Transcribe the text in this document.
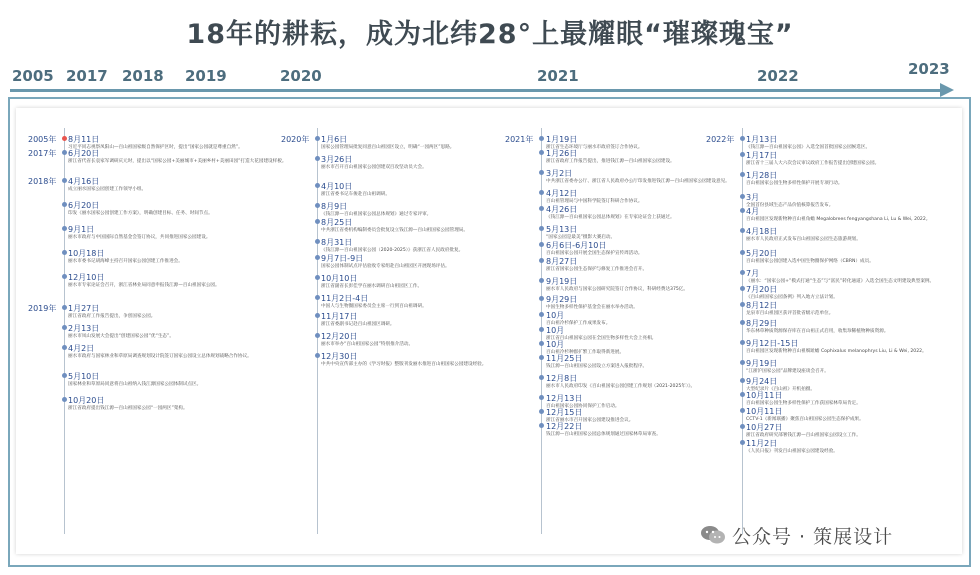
18年的耕耘，成为北纬28°上最耀眼“璀璨瑰宝”
2005 2017 2018 2019	2020	2021	2022	2023
2005年 8月11日
习近平同志视察凤阳山—百山祖国家级自然保护区时，提出“国家公园就是尊重自然”。
2017年 6月20日
浙江省代省长袁家军调研庆元时，提出以“国家公园+美丽城市+美丽乡村+美丽田园”打造大花园建设样板。
2018年 4月16日
成立丽水国家公园创建工作领导小组。
6月20日
印发《丽水国家公园创建工作方案》，明确创建目标、任务、时间节点。
9月1日
丽水市政府与中国国际自然基金会签订协议，共同推进国家公园建设。
10月18日
丽水市委书记胡海峰主持召开国家公园创建工作推进会。
12月10日
丽水市专家论证会召开，浙江省林业局同意申报钱江源—百山祖国家公园。
2019年 1月27日
浙江省政府工作报告提出，争创国家公园。
2月13日
丽水市凤山发展大会提出“创建国家公园”优“生态”。
4月2日
丽水市政府与国家林业和草原局调查规划设计院签订国家公园设立总体规划战略合作协议。
5月10日
国家林业和草原局同意将百山祖纳入钱江源国家公园体制试点区。
10月20日
浙江省政府提出钱江源—百山祖国家公园“一园两区”架构。
2020年 1月6日
国家公园管理局批复同意百山祖园区设立，明确“一园两区”思路。
3月26日
丽水市召开百山祖国家公园创建双百攻坚动员大会。
4月10日
浙江省委书记车俊赴百山祖调研。
8月9日
《钱江源—百山祖国家公园总体规划》通过专家评审。
8月25日
中共浙江省委机构编制委员会批复设立钱江源—百山祖国家公园管理局。
8月31日
《钱江源—百山祖国家公园（2020-2025）》获浙江省人民政府批复。
9月7日-9日
国家公园体制试点评估验收专家组赴百山祖园区开展现场评估。
10月10日
浙江省副省长彭佳学在丽水调研百山祖园区工作。
11月2日-4日
中国人与生物圈国家委员会主席一行到百山祖调研。
11月17日
浙江省委副书记赴百山祖园区调研。
12月20日
丽水市举办“百山祖国家公园”特别推介活动。
12月30日
中共中央宣传部主办的《学习时报》整版刊发丽水推进百山祖国家公园建设经验。
2021年 1月19日
浙江省生态环境厅与丽水市政府签订合作协议。
1月26日
浙江省政府工作报告提出，推进钱江源—百山祖国家公园建设。
3月2日
中共浙江省委办公厅、浙江省人民政府办公厅印发推进钱江源—百山祖国家公园建设意见。
4月12日
百山祖管理局与中国科学院签订科研合作协议。
4月26日
《钱江源—百山祖国家公园总体规划》在专家论证会上获通过。
5月13日
“国家公园是最美”摄影大赛启动。
6月6日-6月10日
百山祖国家公园开展全国生态保护宣传周活动。
8月27日
浙江省国家公园生态保护与修复工作推进会召开。
9月19日
丽水市人民政府与国家公园研究院签订合作协议，科研经费达375亿。
9月29日
中国生物多样性保护基金会在丽水举办活动。
10月
百山祖冷杉保护工作成果发布。
10月
浙江省百山祖国家公园在全国生物多样性大会上亮相。
10月
百山祖冷杉种群扩繁工作取得新进展。
11月25日
钱江源—百山祖国家公园设立方案进入报批程序。
12月8日
丽水市人民政府印发《百山祖国家公园创建工作规划（2021-2025年）》。
12月13日
百山祖国家公园协同保护工作启动。
12月15日
浙江省丽水市召开国家公园建设推进会议。
12月22日
钱江源—百山祖国家公园总体规划通过国家林草局审查。
2022年 1月13日
《钱江源—百山祖国家公园》入选全国首批国家公园候选区。
1月17日
浙江省十三届人大六次会议审议政府工作报告提出创建国家公园。
1月28日
百山祖国家公园生物多样性保护开展专项行动。
3月
全国首份县域生态产品价值核算报告发布。
4月
百山祖园区发现新物种百山祖角蟾 Megalobrees fengyangshana Li, Lu & Wei, 2022。
4月18日
丽水市人民政府正式发布百山祖国家公园生态旅游规划。
5月20日
百山祖国家公园创建入选中国生物圈保护网络（CBRN）成员。
7月
《丽水：“国家公园+”模式打通“生态”与“富民”转化通道》入选全国生态文明建设典型案例。
7月20日
《百山祖国家公园条例》列入地方立法计划。
8月12日
龙泉市百山祖园区获评首批省级示范单位。
8月29日
华东林草种质资源保存库在百山祖正式启用，收集珍稀植物种质资源。
9月12日-15日
百山祖园区发现新物种百山祖细趾蟾 Cophixalus melanophrys Liu, Li & Wei, 2022。
9月19日
“江浙沪国家公园”品牌建设座谈会召开。
9月24日
大型纪录片《百山祖》开机拍摄。
10月11日
百山祖国家公园生物多样性保护工作获国家林草局肯定。
10月11日
CCTV-1《新闻联播》聚焦百山祖国家公园生态保护成果。
10月27日
浙江省政府研究部署钱江源—百山祖国家公园设立工作。
11月2日
《人民日报》刊发百山祖国家公园建设经验。
公众号 · 策展设计
